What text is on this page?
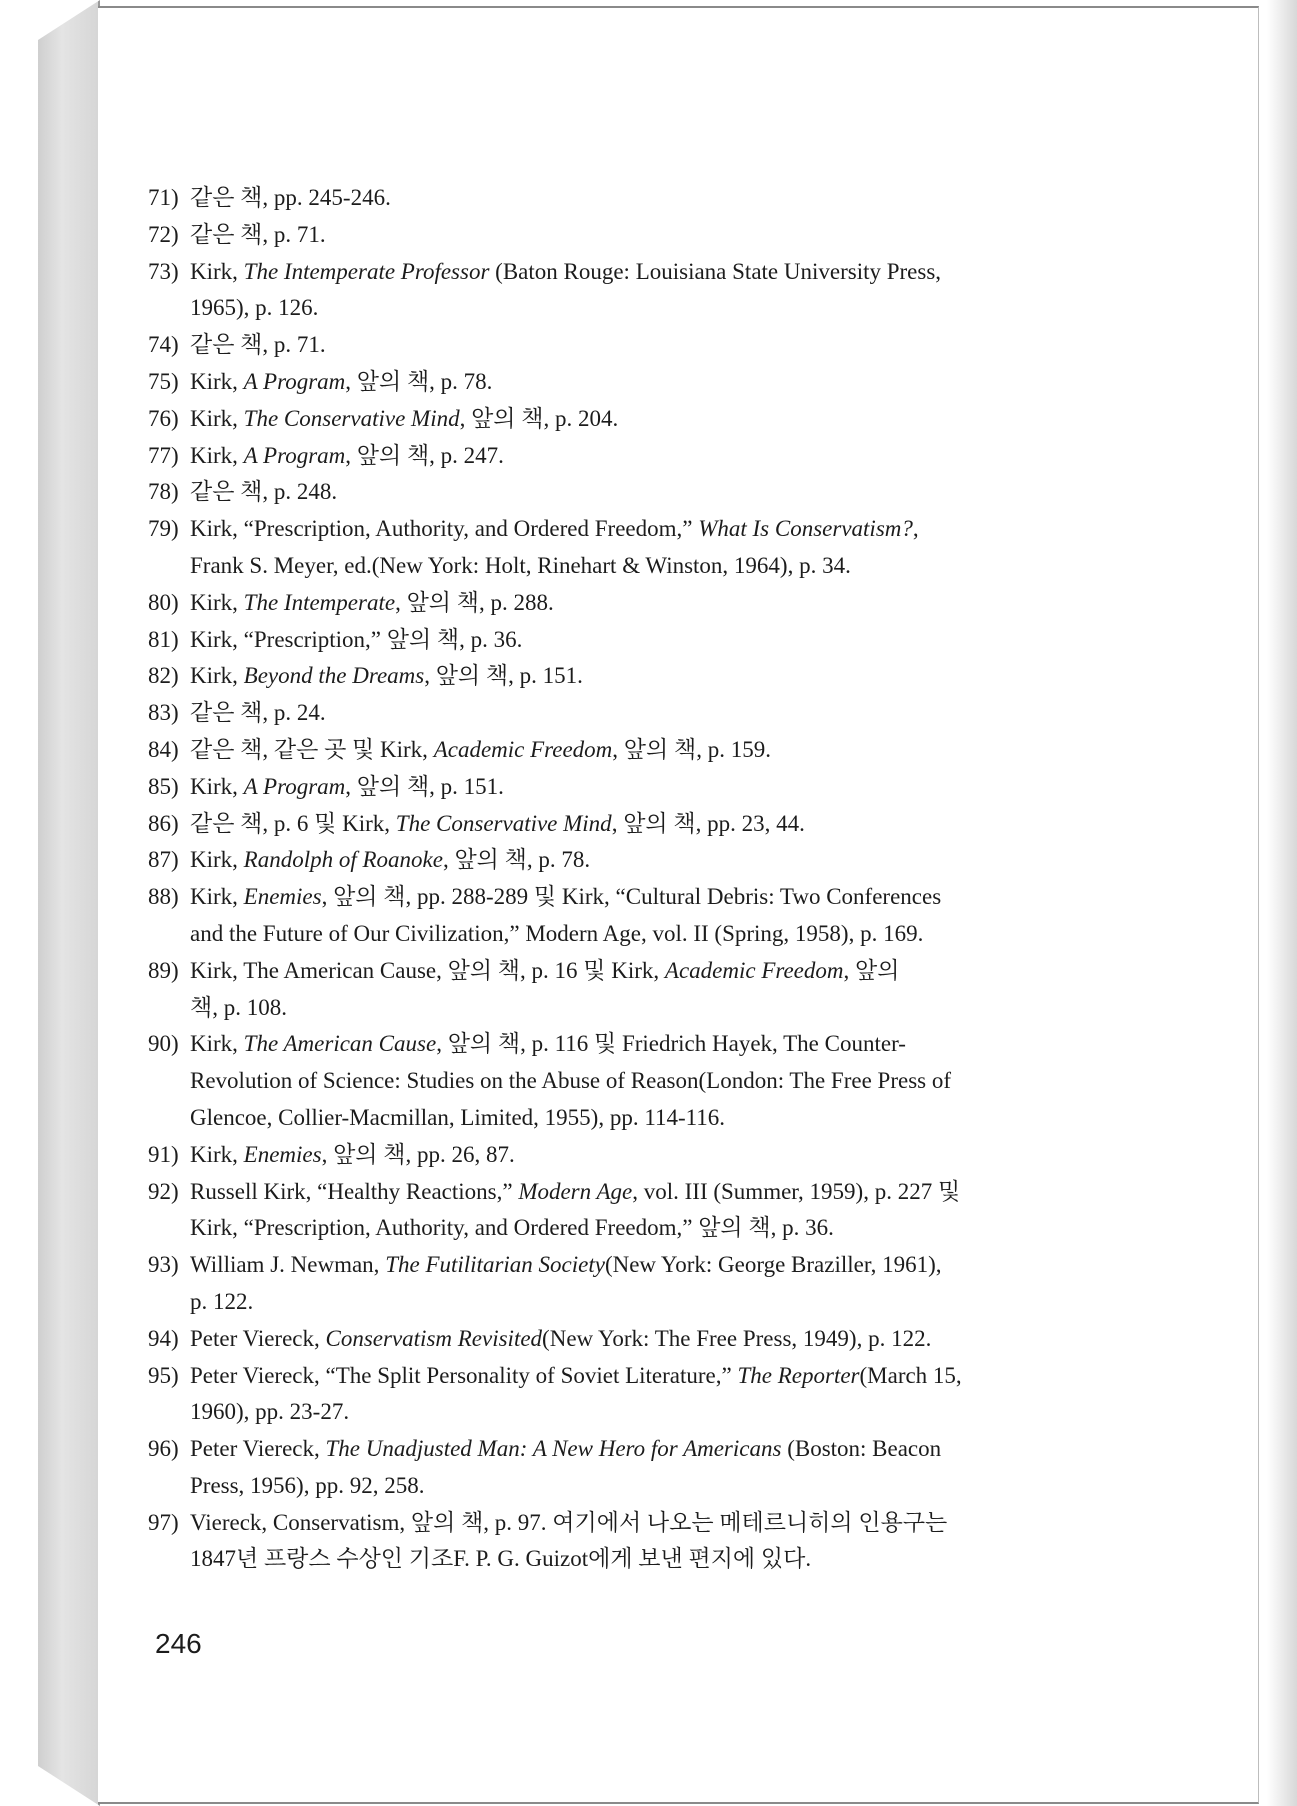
71) 같은 책, pp. 245-246.
72) 같은 책, p. 71.
73) Kirk, The Intemperate Professor (Baton Rouge: Louisiana State University Press,
1965), p. 126.
74) 같은 책, p. 71.
75) Kirk, A Program, 앞의 책, p. 78.
76) Kirk, The Conservative Mind, 앞의 책, p. 204.
77) Kirk, A Program, 앞의 책, p. 247.
78) 같은 책, p. 248.
79) Kirk, “Prescription, Authority, and Ordered Freedom,” What Is Conservatism?,
Frank S. Meyer, ed.(New York: Holt, Rinehart & Winston, 1964), p. 34.
80) Kirk, The Intemperate, 앞의 책, p. 288.
81) Kirk, “Prescription,” 앞의 책, p. 36.
82) Kirk, Beyond the Dreams, 앞의 책, p. 151.
83) 같은 책, p. 24.
84) 같은 책, 같은 곳 및 Kirk, Academic Freedom, 앞의 책, p. 159.
85) Kirk, A Program, 앞의 책, p. 151.
86) 같은 책, p. 6 및 Kirk, The Conservative Mind, 앞의 책, pp. 23, 44.
87) Kirk, Randolph of Roanoke, 앞의 책, p. 78.
88) Kirk, Enemies, 앞의 책, pp. 288-289 및 Kirk, “Cultural Debris: Two Conferences
and the Future of Our Civilization,” Modern Age, vol. II (Spring, 1958), p. 169.
89) Kirk, The American Cause, 앞의 책, p. 16 및 Kirk, Academic Freedom, 앞의
책, p. 108.
90) Kirk, The American Cause, 앞의 책, p. 116 및 Friedrich Hayek, The Counter-
Revolution of Science: Studies on the Abuse of Reason(London: The Free Press of
Glencoe, Collier-Macmillan, Limited, 1955), pp. 114-116.
91) Kirk, Enemies, 앞의 책, pp. 26, 87.
92) Russell Kirk, “Healthy Reactions,” Modern Age, vol. III (Summer, 1959), p. 227 및
Kirk, “Prescription, Authority, and Ordered Freedom,” 앞의 책, p. 36.
93) William J. Newman, The Futilitarian Society(New York: George Braziller, 1961),
p. 122.
94) Peter Viereck, Conservatism Revisited(New York: The Free Press, 1949), p. 122.
95) Peter Viereck, “The Split Personality of Soviet Literature,” The Reporter(March 15,
1960), pp. 23-27.
96) Peter Viereck, The Unadjusted Man: A New Hero for Americans (Boston: Beacon
Press, 1956), pp. 92, 258.
97) Viereck, Conservatism, 앞의 책, p. 97. 여기에서 나오는 메테르니히의 인용구는
1847년 프랑스 수상인 기조F. P. G. Guizot에게 보낸 편지에 있다.
246
